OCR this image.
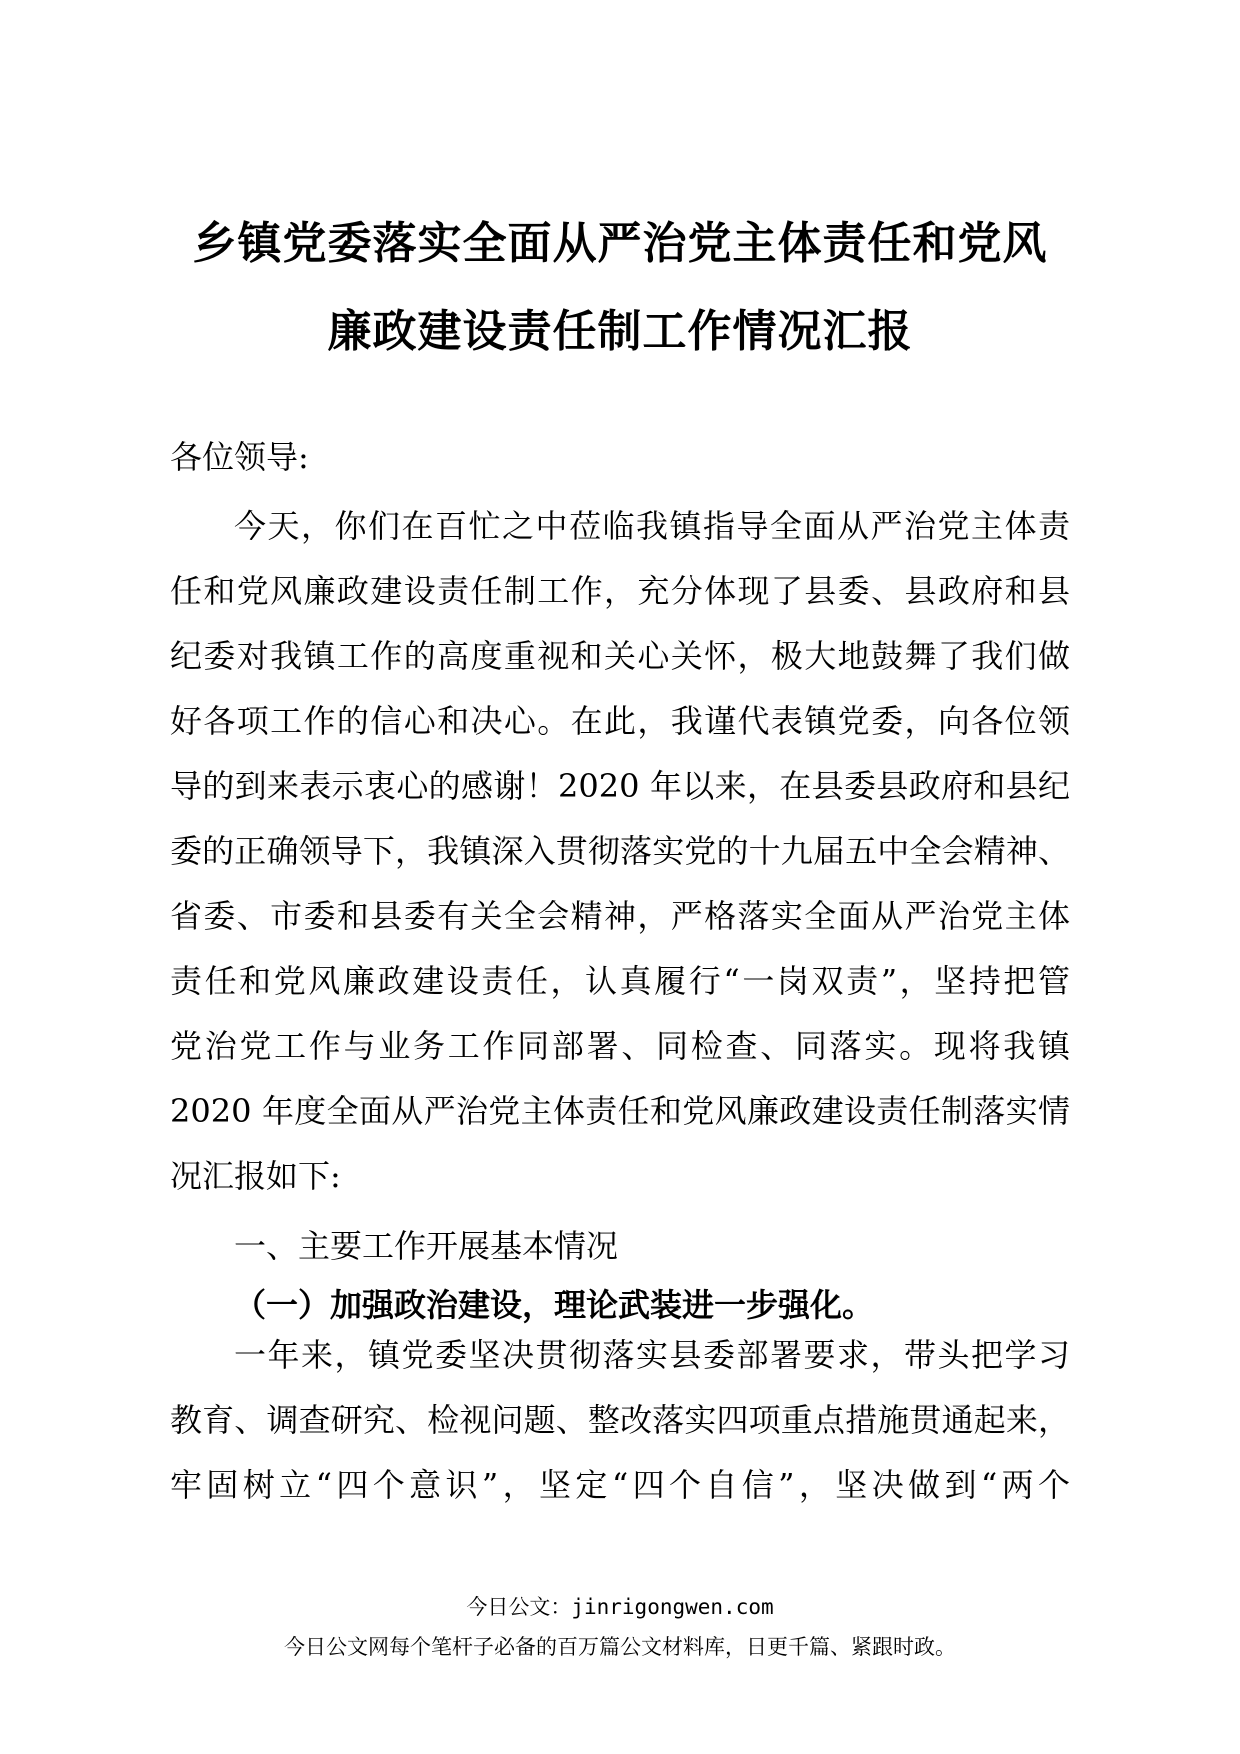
乡镇党委落实全面从严治党主体责任和党风
廉政建设责任制工作情况汇报
各位领导:
今天，你们在百忙之中莅临我镇指导全面从严治党主体责
任和党风廉政建设责任制工作，充分体现了县委、县政府和县
纪委对我镇工作的高度重视和关心关怀，极大地鼓舞了我们做
好各项工作的信心和决心。在此，我谨代表镇党委，向各位领
导的到来表示衷心的感谢！2020 年以来，在县委县政府和县纪
委的正确领导下，我镇深入贯彻落实党的十九届五中全会精神、
省委、市委和县委有关全会精神，严格落实全面从严治党主体
责任和党风廉政建设责任，认真履行“一岗双责”，坚持把管
党治党工作与业务工作同部署、同检查、同落实。现将我镇
2020 年度全面从严治党主体责任和党风廉政建设责任制落实情
况汇报如下:
一、主要工作开展基本情况
（一）加强政治建设，理论武装进一步强化。
一年来，镇党委坚决贯彻落实县委部署要求，带头把学习
教育、调查研究、检视问题、整改落实四项重点措施贯通起来，
牢固树立“四个意识”，坚定“四个自信”，坚决做到“两个
今日公文：jinrigongwen.com
今日公文网每个笔杆子必备的百万篇公文材料库，日更千篇、紧跟时政。
